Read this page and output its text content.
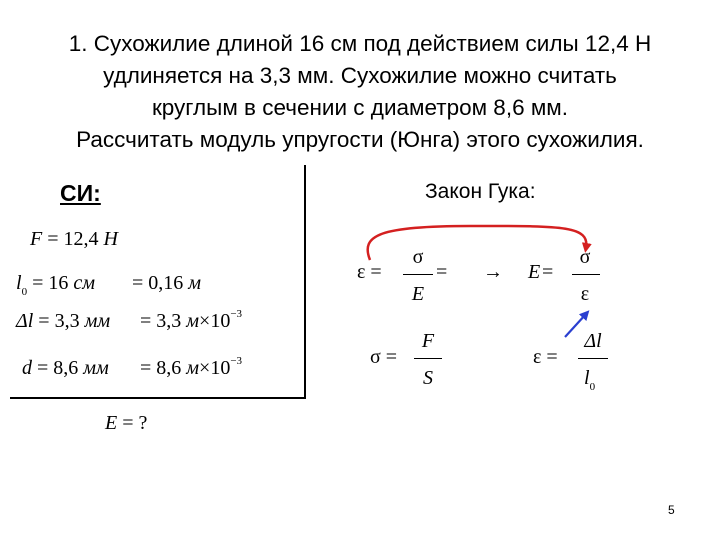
1. Сухожилие длиной 16 см под действием силы 12,4 Н
удлиняется на 3,3 мм. Сухожилие можно считать
круглым в сечении с диаметром 8,6 мм.
Рассчитать модуль упругости (Юнга) этого сухожилия.
СИ:
F = 12,4 Н
$l_0 = 16$ см = 0,16 м
Δl = 3,3 мм = 3,3 $м\times 10^{-3}$
d = 8,6 мм = 8,6 $м\times 10^{-3}$
E = ?
Закон Гука:
ε =
σ
E
= → E =
σ
ε
σ =
F
S
ε =
Δl
$l_0$
5
